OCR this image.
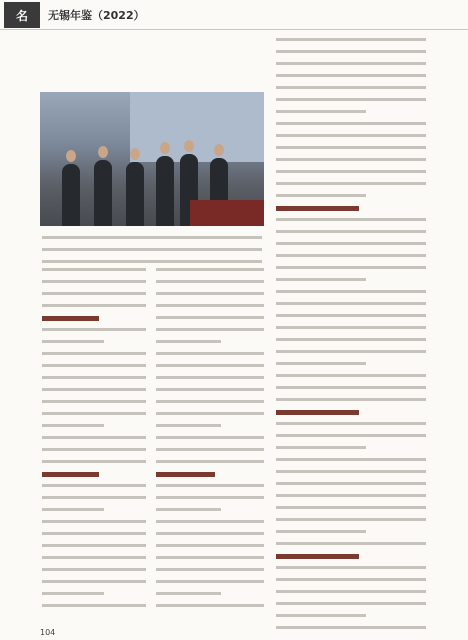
名	无锡年鉴（2022）
104
